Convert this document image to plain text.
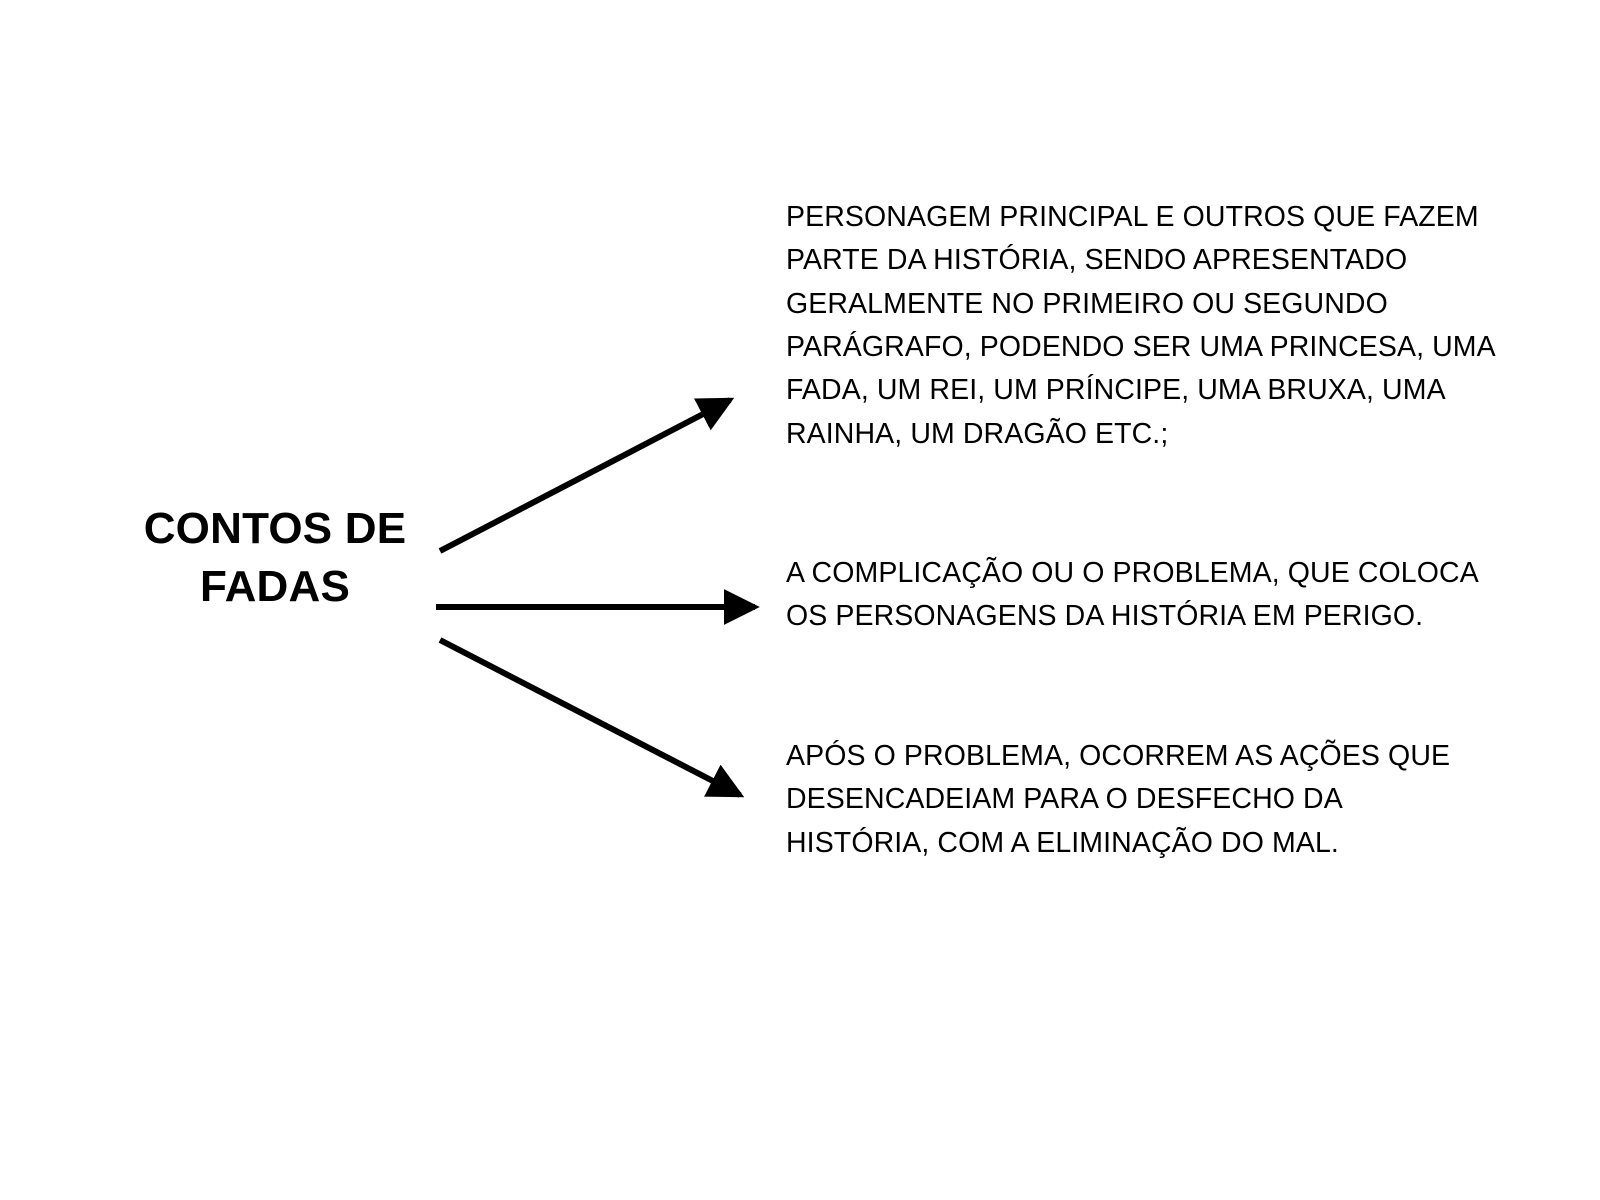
CONTOS DE FADAS
PERSONAGEM PRINCIPAL E OUTROS QUE FAZEM PARTE DA HISTÓRIA, SENDO APRESENTADO GERALMENTE NO PRIMEIRO OU SEGUNDO PARÁGRAFO, PODENDO SER UMA PRINCESA, UMA FADA, UM REI, UM PRÍNCIPE, UMA BRUXA, UMA RAINHA, UM DRAGÃO ETC.;
A COMPLICAÇÃO OU O PROBLEMA, QUE COLOCA OS PERSONAGENS DA HISTÓRIA EM PERIGO.
APÓS O PROBLEMA, OCORREM AS AÇÕES QUE DESENCADEIAM PARA O DESFECHO DA HISTÓRIA, COM A ELIMINAÇÃO DO MAL.
